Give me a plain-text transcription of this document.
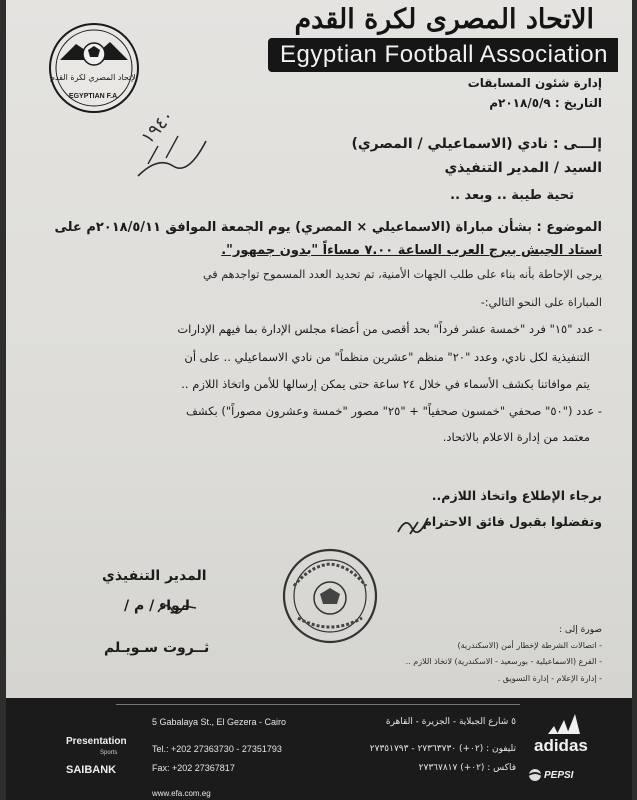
الاتحاد المصرى لكرة القدم
Egyptian Football Association
الإتحاد المصري لكرة القدم
EGYPTIAN F.A.
١٩٤٠
إدارة شئون المسابقات
التاريخ : ٢٠١٨/٥/٩م
إلـــى : نادي (الاسماعيلي / المصري)
السيد / المدير التنفيذي
تحية طيبة .. وبعد ..
الموضوع : بشأن مباراة (الاسماعيلي × المصري) يوم الجمعة الموافق ٢٠١٨/٥/١١م على
استاد الجيش ببرج العرب الساعة ٧.٠٠ مساءاً "بدون جمهور".
يرجى الإحاطة بأنه بناء على طلب الجهات الأمنية، تم تحديد العدد المسموح تواجدهم في
المباراة على النحو التالي:-
- عدد "١٥" فرد "خمسة عشر فرداً" بحد أقصى من أعضاء مجلس الإدارة بما فيهم الإدارات
التنفيذية لكل نادي، وعدد "٢٠" منظم "عشرين منظماً" من نادي الاسماعيلي .. على أن
يتم موافاتنا بكشف الأسماء في خلال ٢٤ ساعة حتى يمكن إرسالها للأمن واتخاذ اللازم ..
- عدد ("٥٠" صحفي "خمسون صحفياً" + "٢٥" مصور "خمسة وعشرون مصوراً") بكشف
معتمد من إدارة الاعلام بالاتحاد.
برجاء الإطلاع واتخاذ اللازم..
وتفضلوا بقبول فائق الاحترام
المدير التنفيذي
لـواء / م /
ثــروت سـويـلم
صورة إلى :
- اتصالات الشرطة لإخطار أمن (الاسكندرية)
- الفرع (الاسماعيلية - بورسعيد - الاسكندرية) لاتخاذ اللازم ..
- إدارة الإعلام - إدارة التسويق .
Presentation
Sports
SAIBANK
5 Gabalaya St., El Gezera - Cairo
Tel.: +202 27363730 - 27351793
Fax: +202 27367817
www.efa.com.eg
٥ شارع الجبلاية - الجزيرة - القاهرة
تليفون : (٠٢+) ٢٧٣٦٣٧٣٠ - ٢٧٣٥١٧٩٣
فاكس : (٠٢+) ٢٧٣٦٧٨١٧
adidas
PEPSI
